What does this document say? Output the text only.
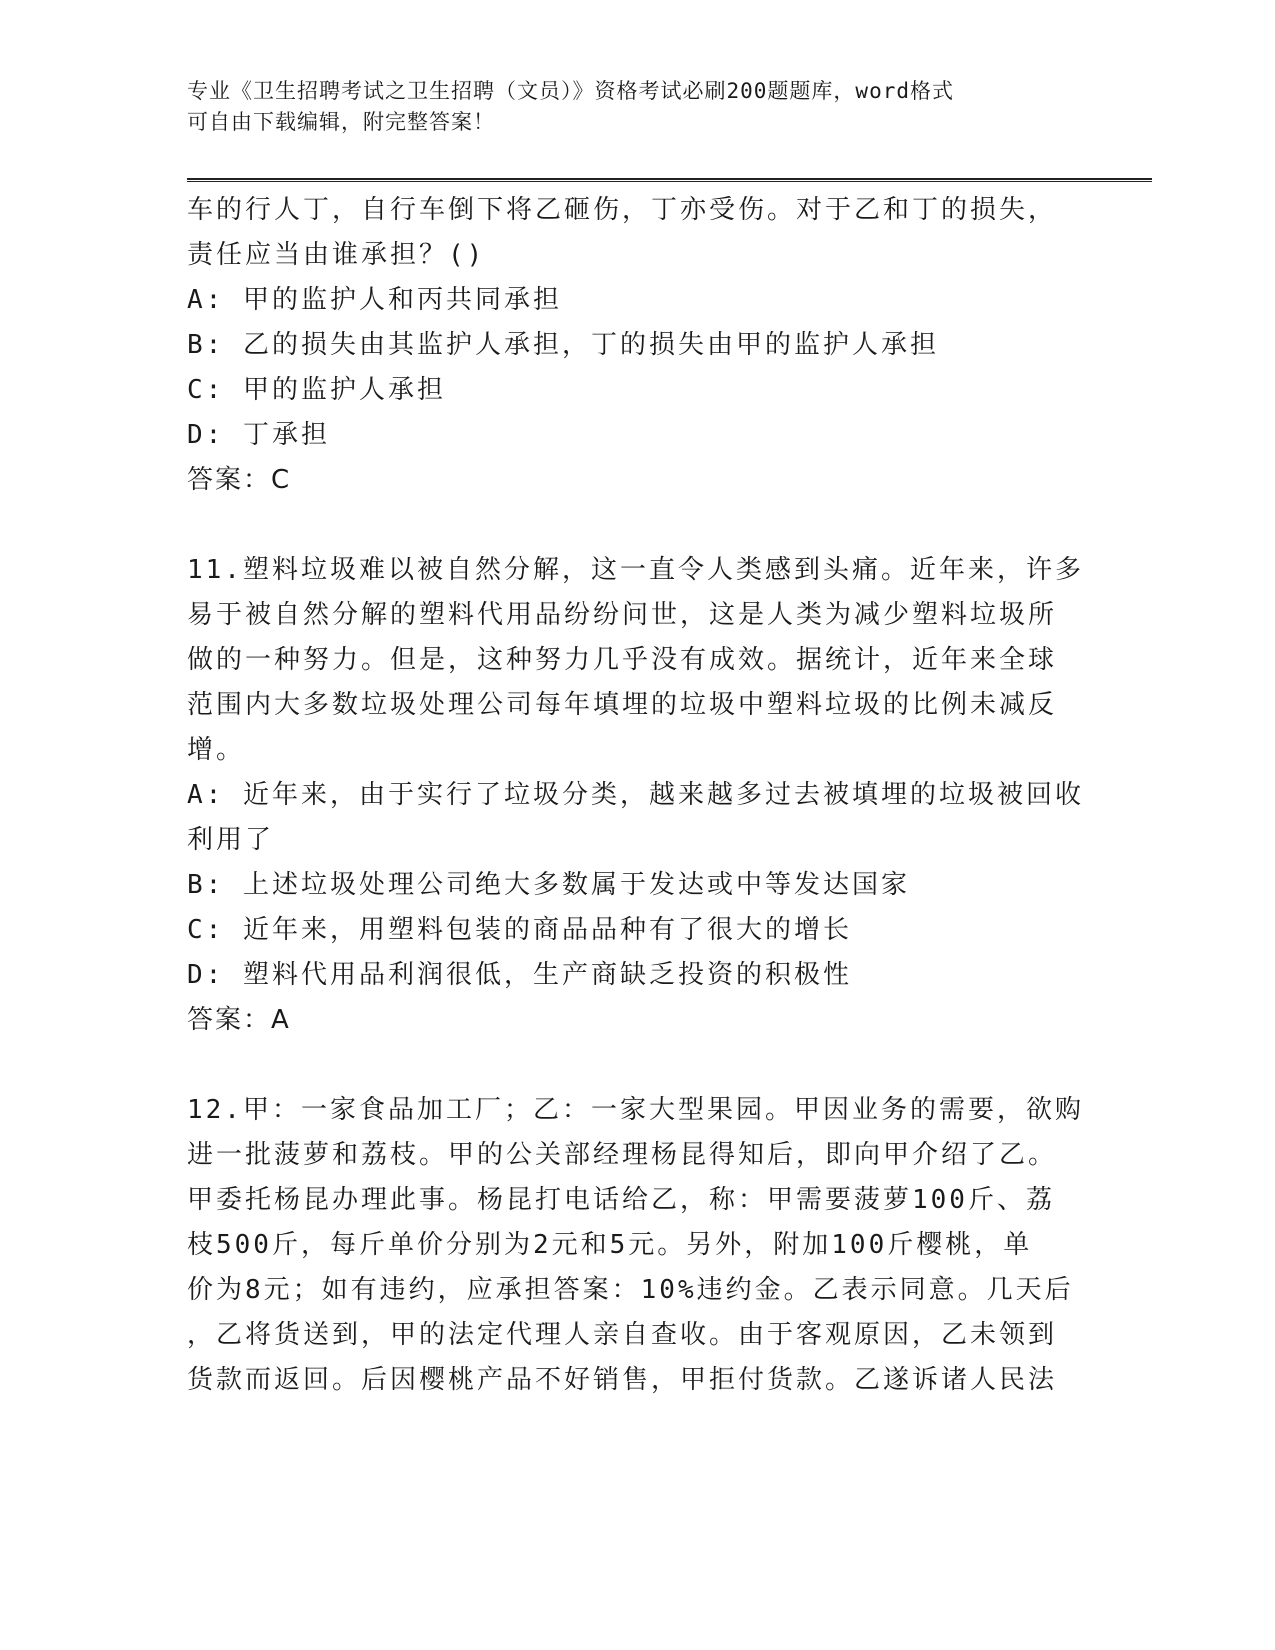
专业《卫生招聘考试之卫生招聘（文员）》资格考试必刷200题题库，word格式
可自由下载编辑，附完整答案！
车的行人丁，自行车倒下将乙砸伤，丁亦受伤。对于乙和丁的损失，
责任应当由谁承担？()
A: 甲的监护人和丙共同承担
B: 乙的损失由其监护人承担，丁的损失由甲的监护人承担
C: 甲的监护人承担
D: 丁承担
答案：C
11.塑料垃圾难以被自然分解，这一直令人类感到头痛。近年来，许多
易于被自然分解的塑料代用品纷纷问世，这是人类为减少塑料垃圾所
做的一种努力。但是，这种努力几乎没有成效。据统计，近年来全球
范围内大多数垃圾处理公司每年填埋的垃圾中塑料垃圾的比例未减反
增。
A: 近年来，由于实行了垃圾分类，越来越多过去被填埋的垃圾被回收
利用了
B: 上述垃圾处理公司绝大多数属于发达或中等发达国家
C: 近年来，用塑料包装的商品品种有了很大的增长
D: 塑料代用品利润很低，生产商缺乏投资的积极性
答案：A
12.甲：一家食品加工厂；乙：一家大型果园。甲因业务的需要，欲购
进一批菠萝和荔枝。甲的公关部经理杨昆得知后，即向甲介绍了乙。
甲委托杨昆办理此事。杨昆打电话给乙，称：甲需要菠萝100斤、荔
枝500斤，每斤单价分别为2元和5元。另外，附加100斤樱桃，单
价为8元；如有违约，应承担答案：10%违约金。乙表示同意。几天后
，乙将货送到，甲的法定代理人亲自查收。由于客观原因，乙未领到
货款而返回。后因樱桃产品不好销售，甲拒付货款。乙遂诉诸人民法
